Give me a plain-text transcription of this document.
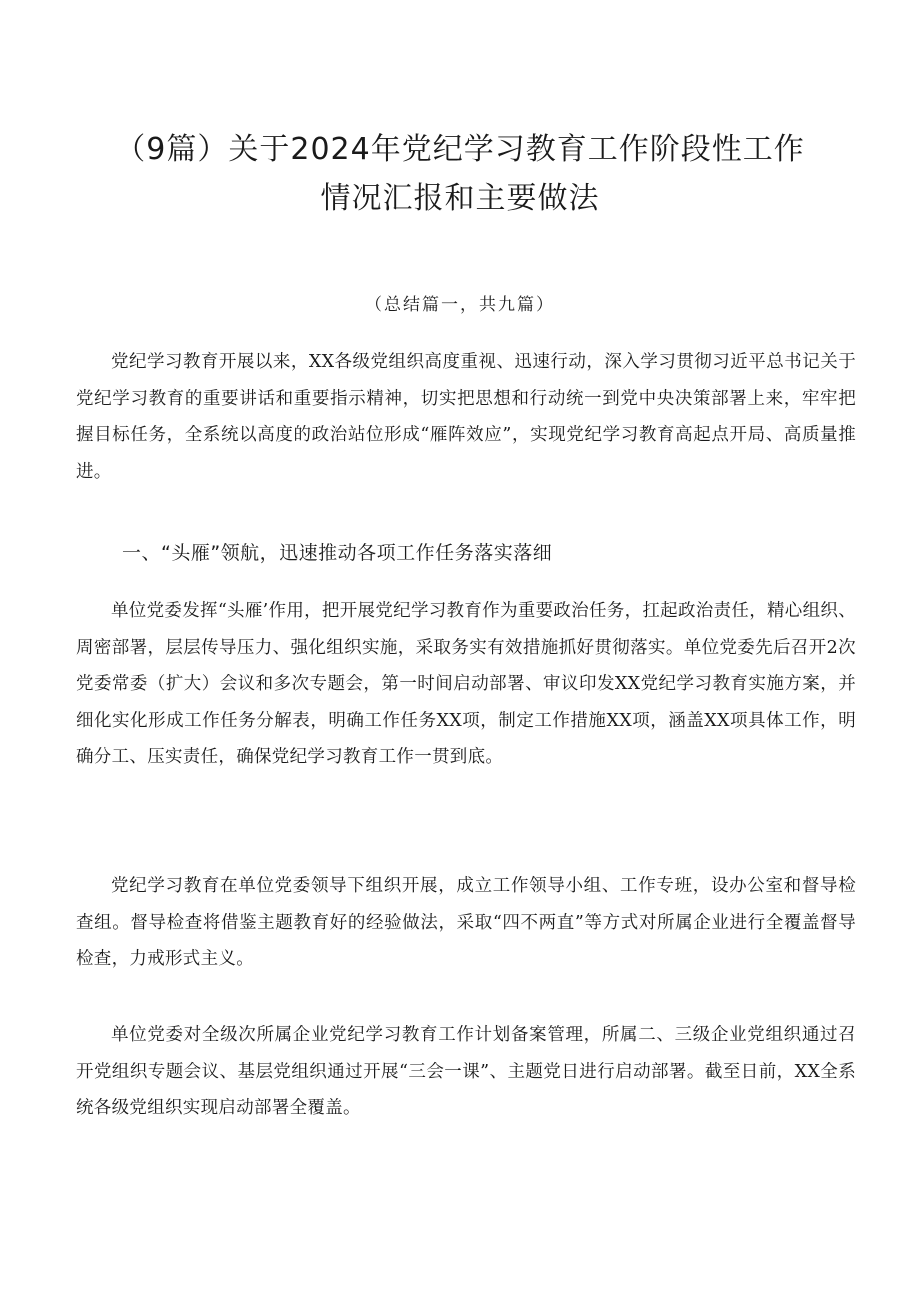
（9篇）关于2024年党纪学习教育工作阶段性工作
情况汇报和主要做法
（总结篇一，共九篇）

党纪学习教育开展以来，XX各级党组织高度重视、迅速行动，深入学习贯彻习近平总书记关于党纪学习教育的重要讲话和重要指示精神，切实把思想和行动统一到党中央决策部署上来，牢牢把握目标任务，全系统以高度的政治站位形成“雁阵效应”，实现党纪学习教育高起点开局、高质量推进。

一、“头雁”领航，迅速推动各项工作任务落实落细

单位党委发挥“头雁’作用，把开展党纪学习教育作为重要政治任务，扛起政治责任，精心组织、周密部署，层层传导压力、强化组织实施，采取务实有效措施抓好贯彻落实。单位党委先后召开2次党委常委（扩大）会议和多次专题会，第一时间启动部署、审议印发XX党纪学习教育实施方案，并细化实化形成工作任务分解表，明确工作任务XX项，制定工作措施XX项，涵盖XX项具体工作，明确分工、压实责任，确保党纪学习教育工作一贯到底。

党纪学习教育在单位党委领导下组织开展，成立工作领导小组、工作专班，设办公室和督导检查组。督导检查将借鉴主题教育好的经验做法，采取“四不两直”等方式对所属企业进行全覆盖督导检查，力戒形式主义。

单位党委对全级次所属企业党纪学习教育工作计划备案管理，所属二、三级企业党组织通过召开党组织专题会议、基层党组织通过开展“三会一课”、主题党日进行启动部署。截至日前，XX全系统各级党组织实现启动部署全覆盖。
